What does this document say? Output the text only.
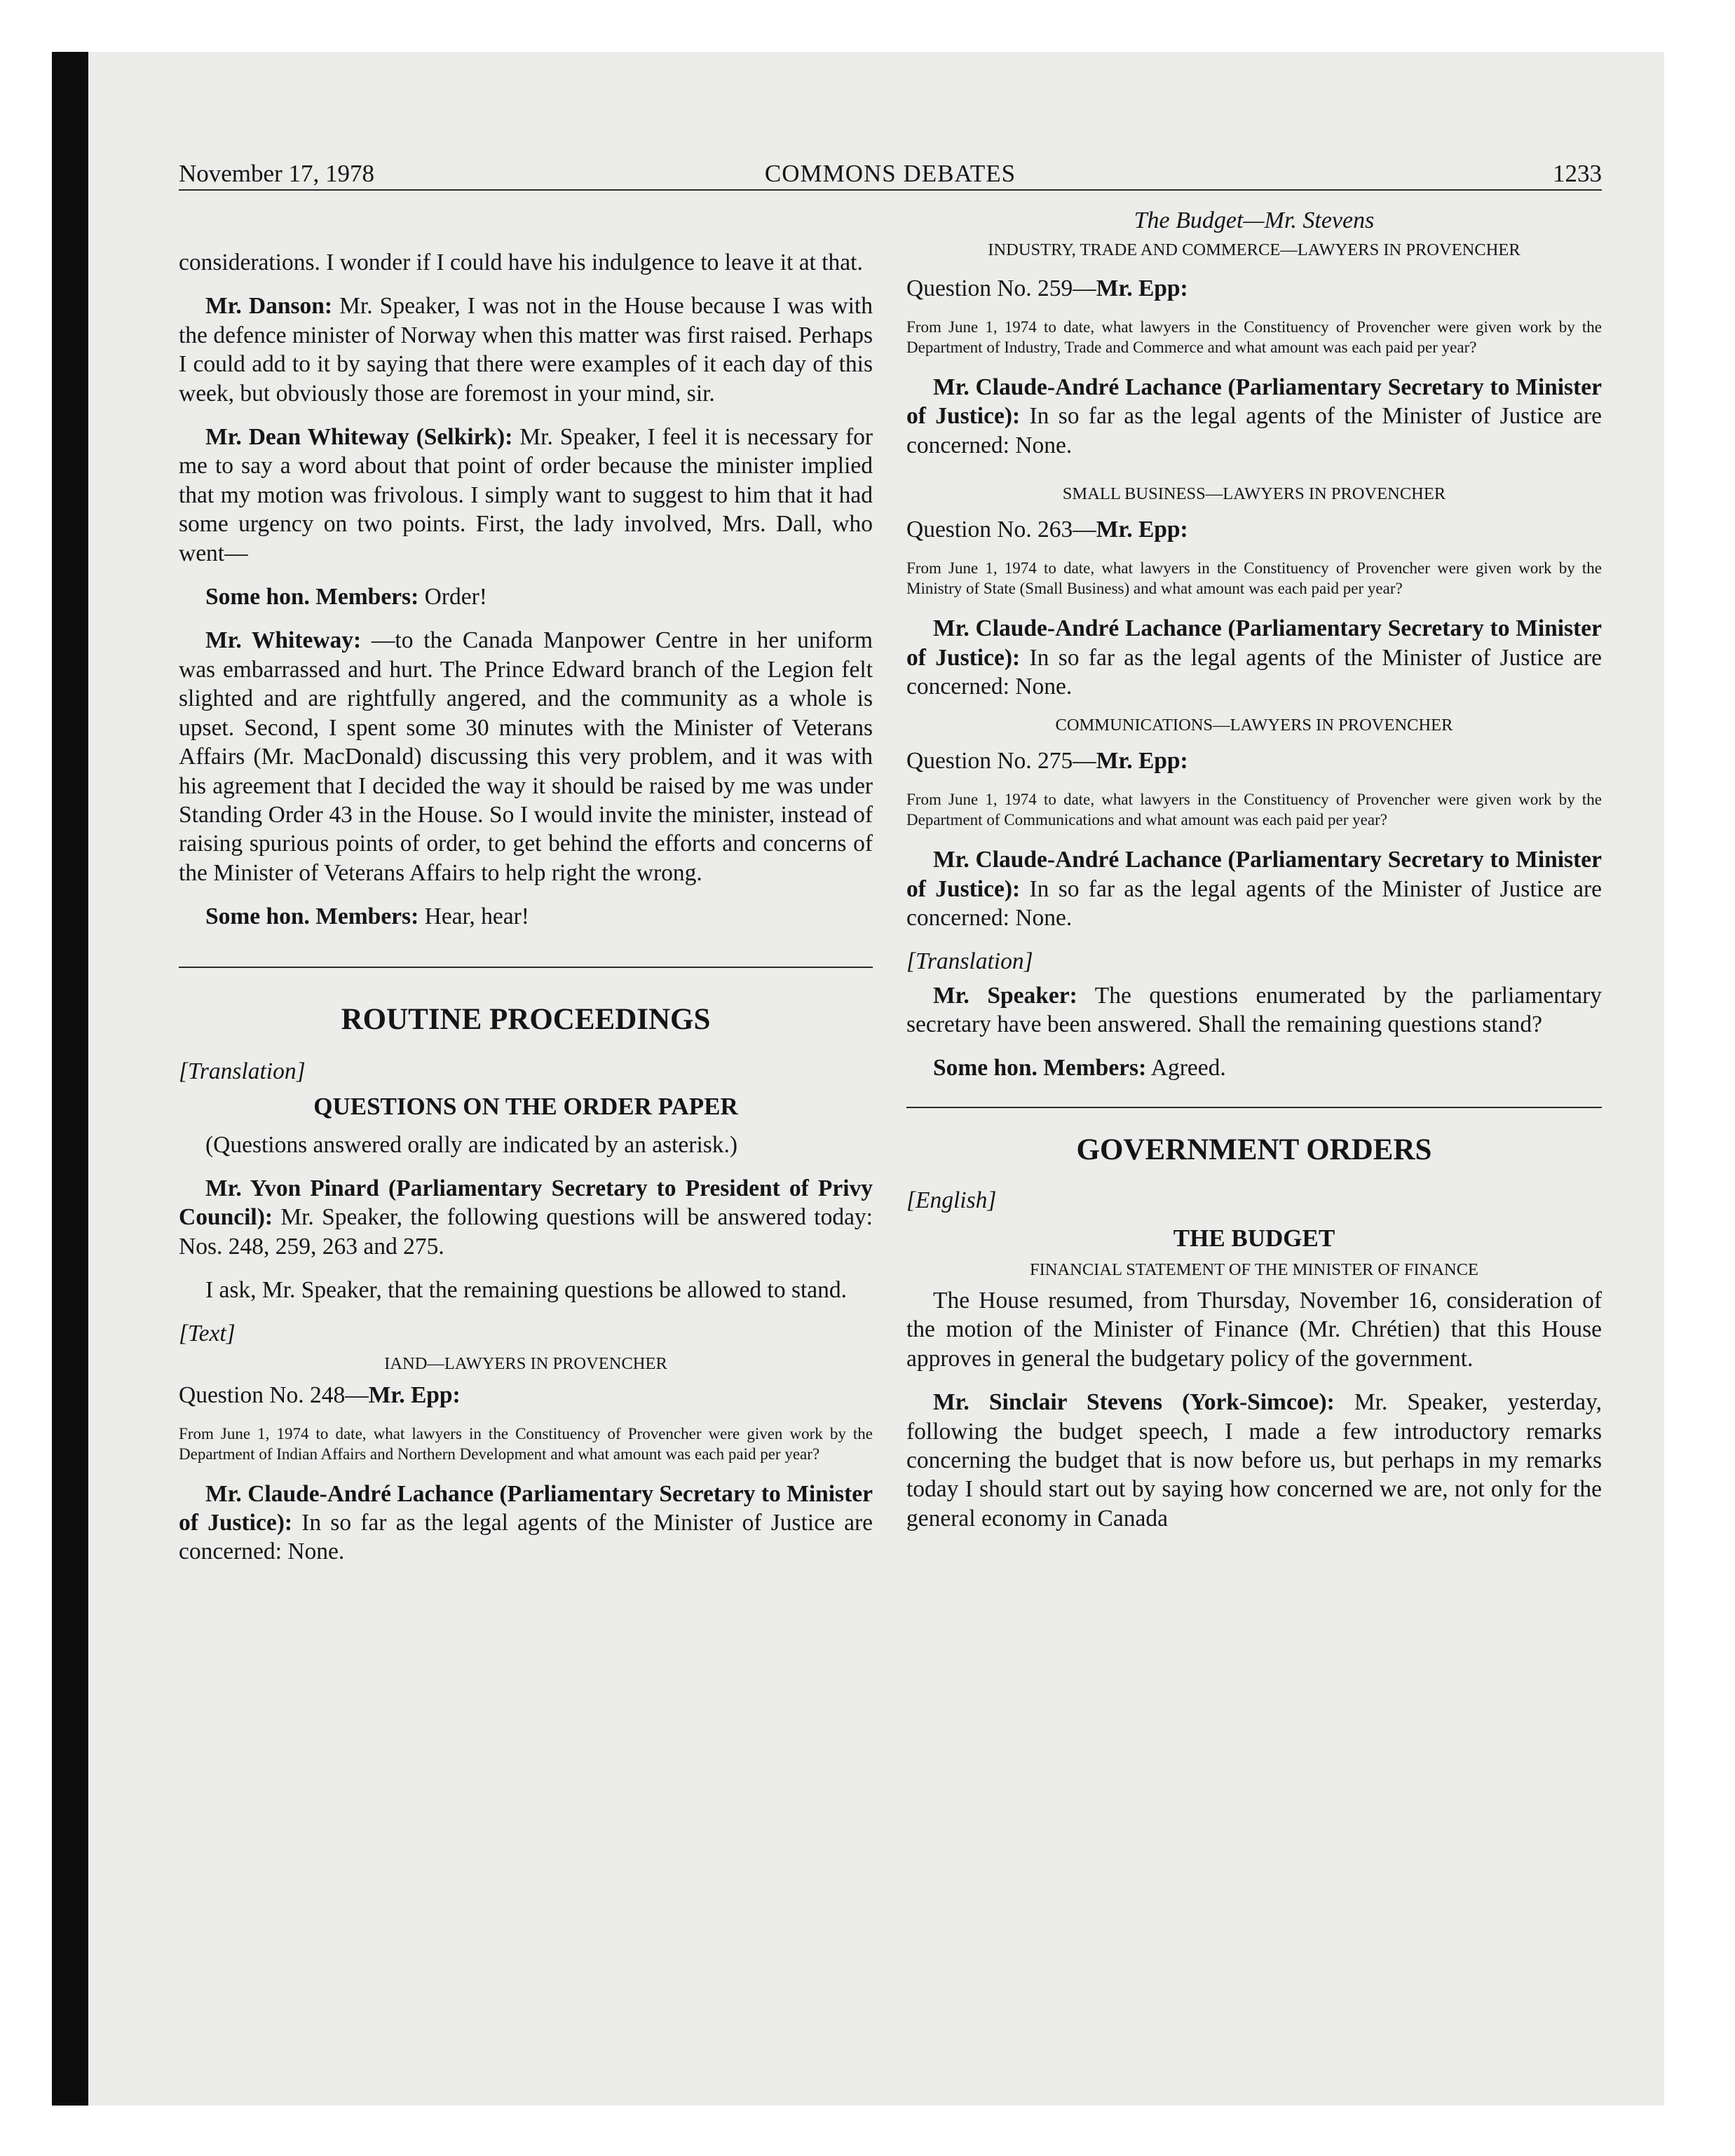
November 17, 1978	COMMONS DEBATES	1233

considerations. I wonder if I could have his indulgence to leave it at that.

Mr. Danson: Mr. Speaker, I was not in the House because I was with the defence minister of Norway when this matter was first raised. Perhaps I could add to it by saying that there were examples of it each day of this week, but obviously those are foremost in your mind, sir.

Mr. Dean Whiteway (Selkirk): Mr. Speaker, I feel it is necessary for me to say a word about that point of order because the minister implied that my motion was frivolous. I simply want to suggest to him that it had some urgency on two points. First, the lady involved, Mrs. Dall, who went—

Some hon. Members: Order!

Mr. Whiteway: —to the Canada Manpower Centre in her uniform was embarrassed and hurt. The Prince Edward branch of the Legion felt slighted and are rightfully angered, and the community as a whole is upset. Second, I spent some 30 minutes with the Minister of Veterans Affairs (Mr. MacDonald) discussing this very problem, and it was with his agreement that I decided the way it should be raised by me was under Standing Order 43 in the House. So I would invite the minister, instead of raising spurious points of order, to get behind the efforts and concerns of the Minister of Veterans Affairs to help right the wrong.

Some hon. Members: Hear, hear!

ROUTINE PROCEEDINGS

[Translation]

QUESTIONS ON THE ORDER PAPER

(Questions answered orally are indicated by an asterisk.)

Mr. Yvon Pinard (Parliamentary Secretary to President of Privy Council): Mr. Speaker, the following questions will be answered today: Nos. 248, 259, 263 and 275.

I ask, Mr. Speaker, that the remaining questions be allowed to stand.

[Text]

IAND—LAWYERS IN PROVENCHER

Question No. 248—Mr. Epp:

From June 1, 1974 to date, what lawyers in the Constituency of Provencher were given work by the Department of Indian Affairs and Northern Development and what amount was each paid per year?

Mr. Claude-André Lachance (Parliamentary Secretary to Minister of Justice): In so far as the legal agents of the Minister of Justice are concerned: None.

The Budget—Mr. Stevens

INDUSTRY, TRADE AND COMMERCE—LAWYERS IN PROVENCHER

Question No. 259—Mr. Epp:

From June 1, 1974 to date, what lawyers in the Constituency of Provencher were given work by the Department of Industry, Trade and Commerce and what amount was each paid per year?

Mr. Claude-André Lachance (Parliamentary Secretary to Minister of Justice): In so far as the legal agents of the Minister of Justice are concerned: None.

SMALL BUSINESS—LAWYERS IN PROVENCHER

Question No. 263—Mr. Epp:

From June 1, 1974 to date, what lawyers in the Constituency of Provencher were given work by the Ministry of State (Small Business) and what amount was each paid per year?

Mr. Claude-André Lachance (Parliamentary Secretary to Minister of Justice): In so far as the legal agents of the Minister of Justice are concerned: None.

COMMUNICATIONS—LAWYERS IN PROVENCHER

Question No. 275—Mr. Epp:

From June 1, 1974 to date, what lawyers in the Constituency of Provencher were given work by the Department of Communications and what amount was each paid per year?

Mr. Claude-André Lachance (Parliamentary Secretary to Minister of Justice): In so far as the legal agents of the Minister of Justice are concerned: None.

[Translation]

Mr. Speaker: The questions enumerated by the parliamentary secretary have been answered. Shall the remaining questions stand?

Some hon. Members: Agreed.

GOVERNMENT ORDERS

[English]

THE BUDGET

FINANCIAL STATEMENT OF THE MINISTER OF FINANCE

The House resumed, from Thursday, November 16, consideration of the motion of the Minister of Finance (Mr. Chrétien) that this House approves in general the budgetary policy of the government.

Mr. Sinclair Stevens (York-Simcoe): Mr. Speaker, yesterday, following the budget speech, I made a few introductory remarks concerning the budget that is now before us, but perhaps in my remarks today I should start out by saying how concerned we are, not only for the general economy in Canada
